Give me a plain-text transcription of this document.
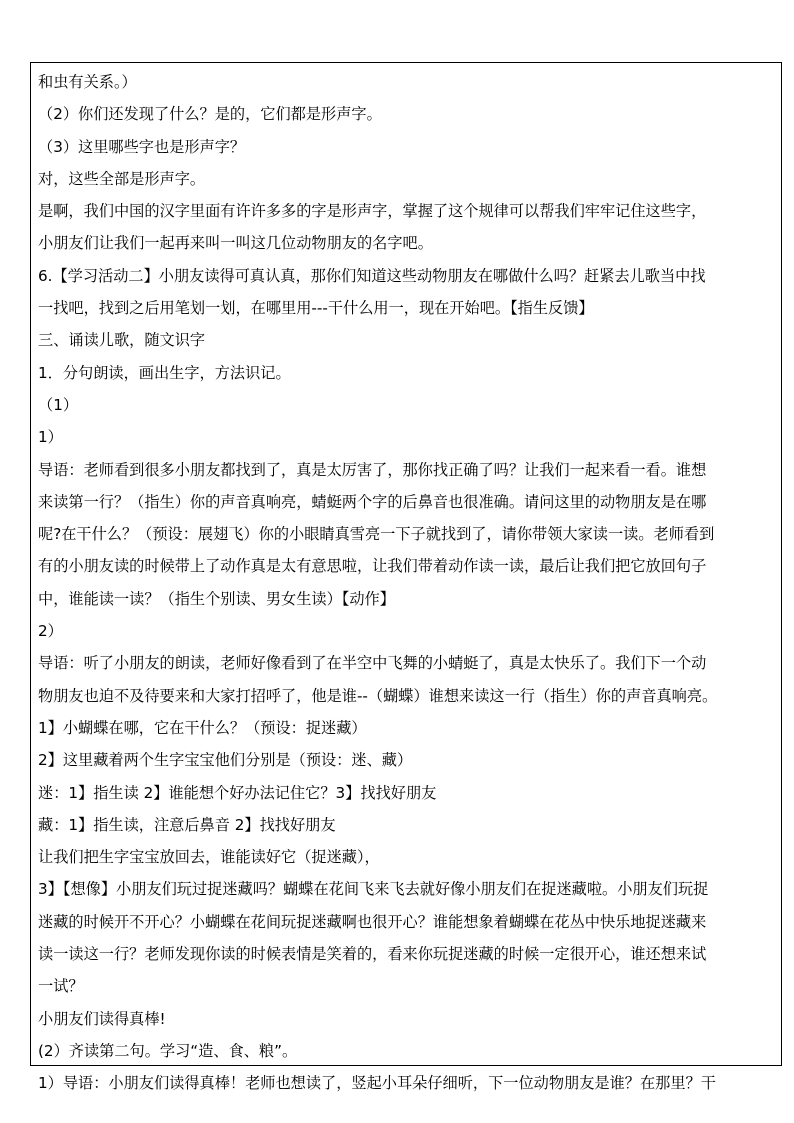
和虫有关系。）
（2）你们还发现了什么？是的，它们都是形声字。
（3）这里哪些字也是形声字？
对，这些全部是形声字。
是啊，我们中国的汉字里面有许许多多的字是形声字，掌握了这个规律可以帮我们牢牢记住这些字，
小朋友们让我们一起再来叫一叫这几位动物朋友的名字吧。
6.【学习活动二】小朋友读得可真认真，那你们知道这些动物朋友在哪做什么吗？赶紧去儿歌当中找
一找吧，找到之后用笔划一划，在哪里用---干什么用一，现在开始吧。【指生反馈】
三、诵读儿歌，随文识字
1．分句朗读，画出生字，方法识记。
（1）
1）
导语：老师看到很多小朋友都找到了，真是太厉害了，那你找正确了吗？让我们一起来看一看。谁想
来读第一行？（指生）你的声音真响亮，蜻蜓两个字的后鼻音也很准确。请问这里的动物朋友是在哪
呢?在干什么？（预设：展翅飞）你的小眼睛真雪亮一下子就找到了，请你带领大家读一读。老师看到
有的小朋友读的时候带上了动作真是太有意思啦，让我们带着动作读一读，最后让我们把它放回句子
中，谁能读一读？（指生个别读、男女生读）【动作】
2）
导语：听了小朋友的朗读，老师好像看到了在半空中飞舞的小蜻蜓了，真是太快乐了。我们下一个动
物朋友也迫不及待要来和大家打招呼了，他是谁--（蝴蝶）谁想来读这一行（指生）你的声音真响亮。
1】小蝴蝶在哪，它在干什么？（预设：捉迷藏）
2】这里藏着两个生字宝宝他们分别是（预设：迷、藏）
迷：1】指生读 2】谁能想个好办法记住它？3】找找好朋友
藏：1】指生读，注意后鼻音 2】找找好朋友
让我们把生字宝宝放回去，谁能读好它（捉迷藏），
3】【想像】小朋友们玩过捉迷藏吗？蝴蝶在花间飞来飞去就好像小朋友们在捉迷藏啦。小朋友们玩捉
迷藏的时候开不开心？小蝴蝶在花间玩捉迷藏啊也很开心？谁能想象着蝴蝶在花丛中快乐地捉迷藏来
读一读这一行？老师发现你读的时候表情是笑着的，看来你玩捉迷藏的时候一定很开心，谁还想来试
一试？
小朋友们读得真棒!
(2）齐读第二句。学习“造、食、粮”。
1）导语：小朋友们读得真棒！老师也想读了，竖起小耳朵仔细听，下一位动物朋友是谁？在那里？干
